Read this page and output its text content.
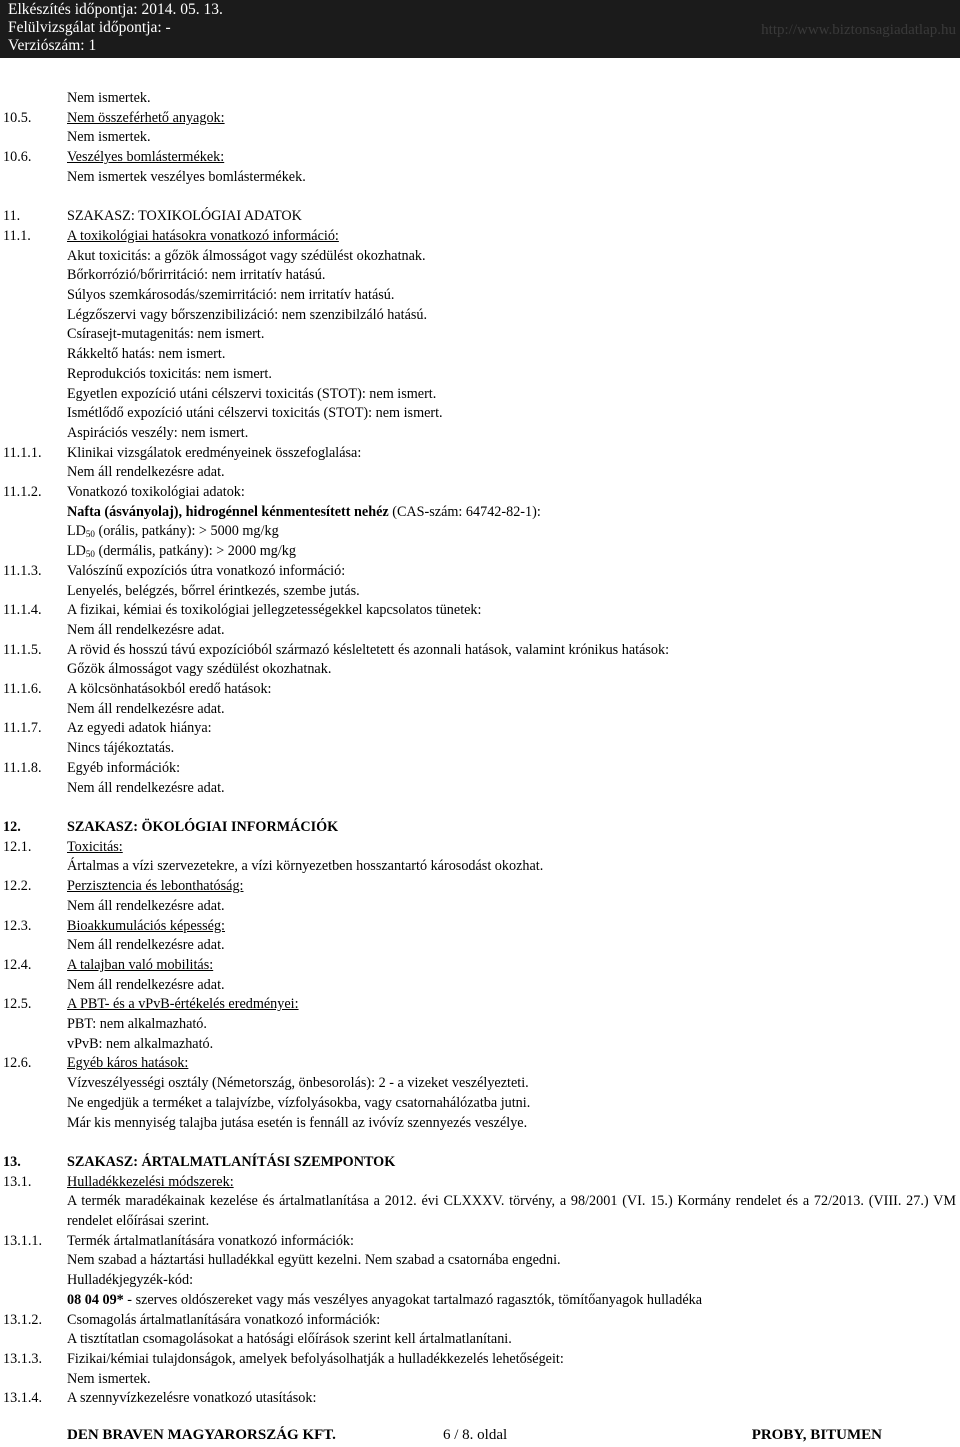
Elkészítés időpontja: 2014. 05. 13.
Felülvizsgálat időpontja: -
Verziószám: 1
http://www.biztonsagiadatlap.hu
Nem ismertek.
10.5.	Nem összeférhető anyagok:
Nem ismertek.
10.6.	Veszélyes bomlástermékek:
Nem ismertek veszélyes bomlástermékek.
11.	SZAKASZ: TOXIKOLÓGIAI ADATOK
11.1.	A toxikológiai hatásokra vonatkozó információ:
Akut toxicitás: a gőzök álmosságot vagy szédülést okozhatnak.
Bőrkorrózió/bőrirritáció: nem irritatív hatású.
Súlyos szemkárosodás/szemirritáció: nem irritatív hatású.
Légzőszervi vagy bőrszenzibilizáció: nem szenzibilzáló hatású.
Csírasejt-mutagenitás: nem ismert.
Rákkeltő hatás: nem ismert.
Reprodukciós toxicitás: nem ismert.
Egyetlen expozíció utáni célszervi toxicitás (STOT): nem ismert.
Ismétlődő expozíció utáni célszervi toxicitás (STOT): nem ismert.
Aspirációs veszély: nem ismert.
11.1.1.	Klinikai vizsgálatok eredményeinek összefoglalása:
Nem áll rendelkezésre adat.
11.1.2.	Vonatkozó toxikológiai adatok:
Nafta (ásványolaj), hidrogénnel kénmentesített nehéz (CAS-szám: 64742-82-1):
$LD_{50}$ (orális, patkány): > 5000 mg/kg
$LD_{50}$ (dermális, patkány): > 2000 mg/kg
11.1.3.	Valószínű expozíciós útra vonatkozó információ:
Lenyelés, belégzés, bőrrel érintkezés, szembe jutás.
11.1.4.	A fizikai, kémiai és toxikológiai jellegzetességekkel kapcsolatos tünetek:
Nem áll rendelkezésre adat.
11.1.5.	A rövid és hosszú távú expozícióból származó késleltetett és azonnali hatások, valamint krónikus hatások:
Gőzök álmosságot vagy szédülést okozhatnak.
11.1.6.	A kölcsönhatásokból eredő hatások:
Nem áll rendelkezésre adat.
11.1.7.	Az egyedi adatok hiánya:
Nincs tájékoztatás.
11.1.8.	Egyéb információk:
Nem áll rendelkezésre adat.
12.	SZAKASZ: ÖKOLÓGIAI INFORMÁCIÓK
12.1.	Toxicitás:
Ártalmas a vízi szervezetekre, a vízi környezetben hosszantartó károsodást okozhat.
12.2.	Perzisztencia és lebonthatóság:
Nem áll rendelkezésre adat.
12.3.	Bioakkumulációs képesség:
Nem áll rendelkezésre adat.
12.4.	A talajban való mobilitás:
Nem áll rendelkezésre adat.
12.5.	A PBT- és a vPvB-értékelés eredményei:
PBT: nem alkalmazható.
vPvB: nem alkalmazható.
12.6.	Egyéb káros hatások:
Vízveszélyességi osztály (Németország, önbesorolás): 2 - a vizeket veszélyezteti.
Ne engedjük a terméket a talajvízbe, vízfolyásokba, vagy csatornahálózatba jutni.
Már kis mennyiség talajba jutása esetén is fennáll az ivóvíz szennyezés veszélye.
13.	SZAKASZ: ÁRTALMATLANÍTÁSI SZEMPONTOK
13.1.	Hulladékkezelési módszerek:
A termék maradékainak kezelése és ártalmatlanítása a 2012. évi CLXXXV. törvény, a 98/2001 (VI. 15.) Kormány rendelet és a 72/2013. (VIII. 27.) VM rendelet előírásai szerint.
13.1.1.	Termék ártalmatlanítására vonatkozó információk:
Nem szabad a háztartási hulladékkal együtt kezelni. Nem szabad a csatornába engedni.
Hulladékjegyzék-kód:
08 04 09* - szerves oldószereket vagy más veszélyes anyagokat tartalmazó ragasztók, tömítőanyagok hulladéka
13.1.2.	Csomagolás ártalmatlanítására vonatkozó információk:
A tisztítatlan csomagolásokat a hatósági előírások szerint kell ártalmatlanítani.
13.1.3.	Fizikai/kémiai tulajdonságok, amelyek befolyásolhatják a hulladékkezelés lehetőségeit:
Nem ismertek.
13.1.4.	A szennyvízkezelésre vonatkozó utasítások:
DEN BRAVEN MAGYARORSZÁG KFT.	6 / 8. oldal	PROBY, BITUMEN
